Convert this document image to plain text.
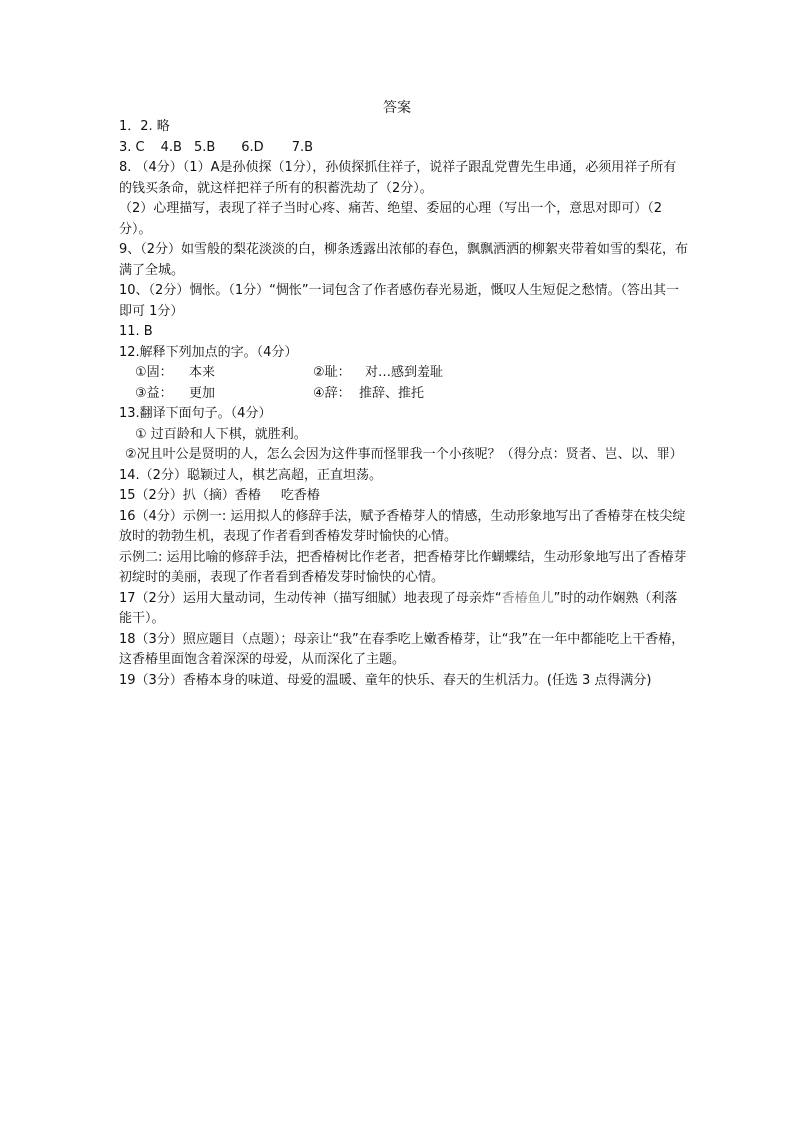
答案
1．2. 略
3. C 4.B 5.B 6.D 7.B
8. （4分）（1）A是孙侦探（1分），孙侦探抓住祥子，说祥子跟乱党曹先生串通，必须用祥子所有的钱买条命，就这样把祥子所有的积蓄洗劫了（2分）。
（2）心理描写，表现了祥子当时心疼、痛苦、绝望、委屈的心理（写出一个，意思对即可）（2分）。
9、（2分）如雪般的梨花淡淡的白，柳条透露出浓郁的春色，飘飘洒洒的柳絮夹带着如雪的梨花，布满了全城。
10、（2分）惆怅。（1分）“惆怅”一词包含了作者感伤春光易逝，慨叹人生短促之愁情。（答出其一即可 1分）
11. B
12.解释下列加点的字。（4分）
①固： 本来	②耻： 对…感到羞耻
③益： 更加	④辞： 推辞、推托
13.翻译下面句子。（4分）
① 过百龄和人下棋，就胜利。
②况且叶公是贤明的人，怎么会因为这件事而怪罪我一个小孩呢？（得分点：贤者、岂、以、罪）
14.（2分）聪颖过人，棋艺高超，正直坦荡。
15（2分）扒（摘）香椿 吃香椿
16（4分）示例一: 运用拟人的修辞手法，赋予香椿芽人的情感，生动形象地写出了香椿芽在枝尖绽放时的勃勃生机，表现了作者看到香椿发芽时愉快的心情。
示例二: 运用比喻的修辞手法，把香椿树比作老者，把香椿芽比作蝴蝶结，生动形象地写出了香椿芽初绽时的美丽，表现了作者看到香椿发芽时愉快的心情。
17（2分）运用大量动词，生动传神（描写细腻）地表现了母亲炸“香椿鱼儿”时的动作娴熟（利落能干）。
18（3分）照应题目（点题）；母亲让“我”在春季吃上嫩香椿芽，让“我”在一年中都能吃上干香椿，这香椿里面饱含着深深的母爱，从而深化了主题。
19（3分）香椿本身的味道、母爱的温暖、童年的快乐、春天的生机活力。(任选 3 点得满分)
